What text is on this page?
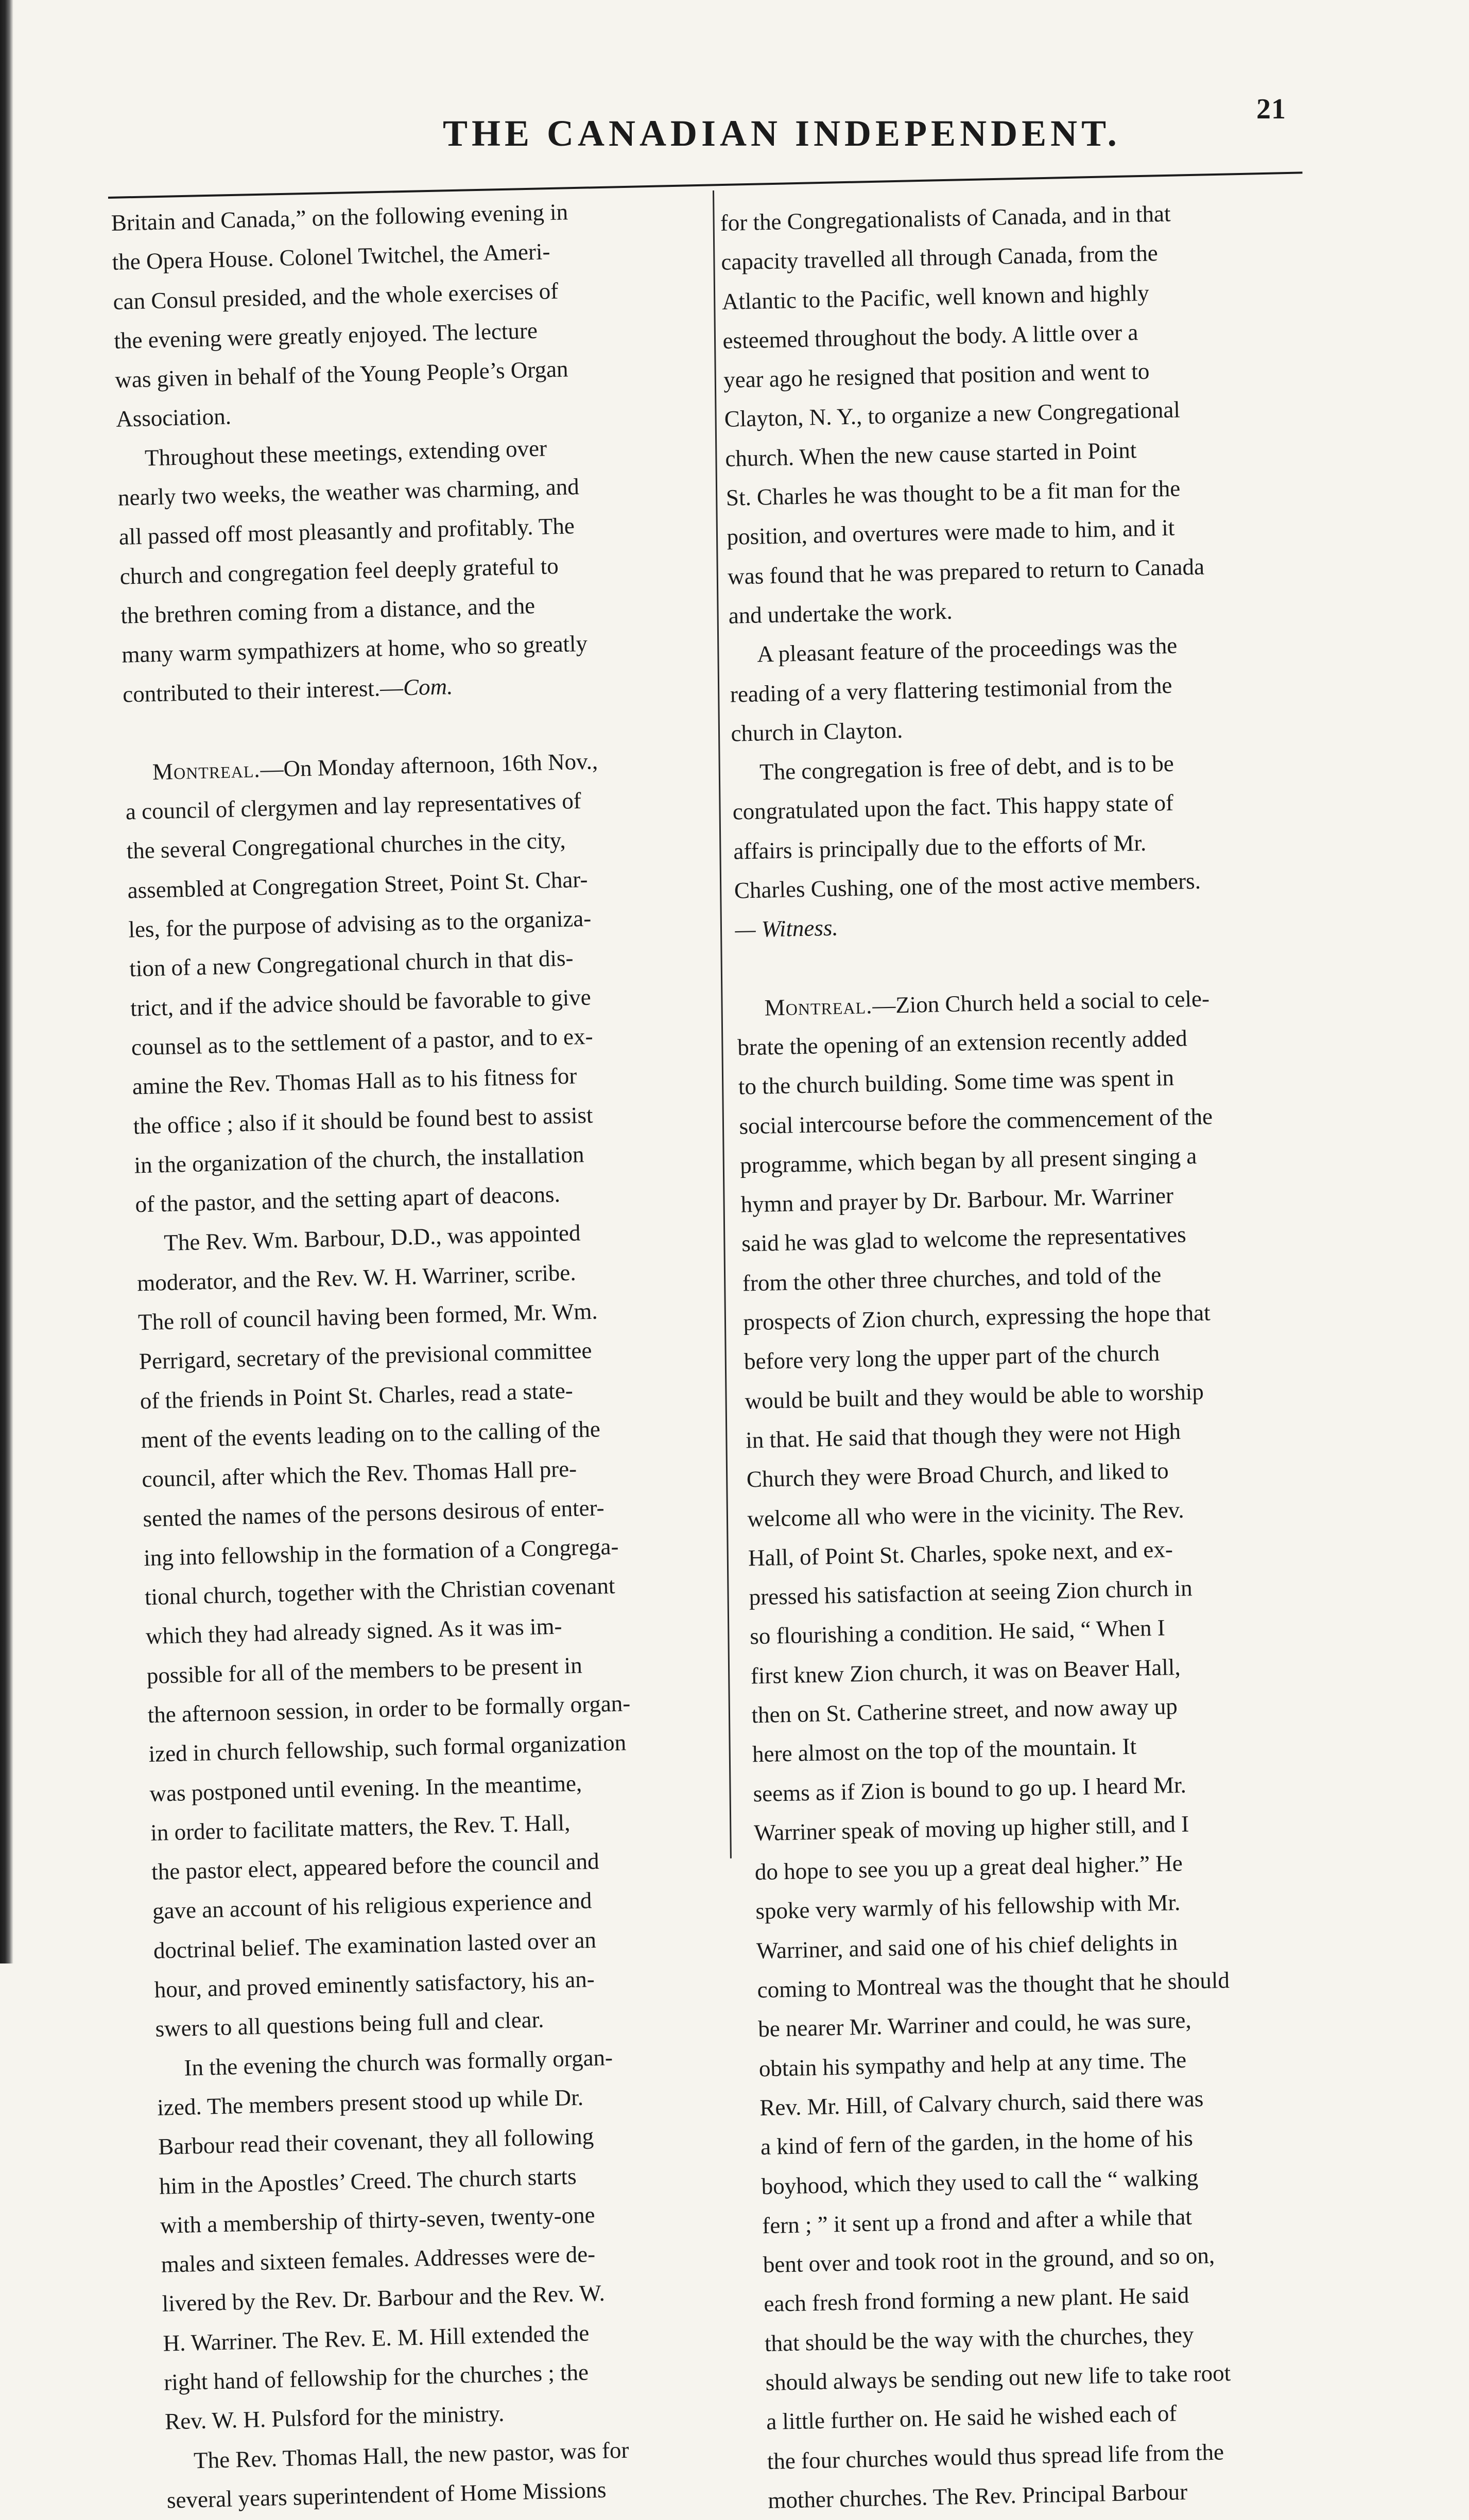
21
THE CANADIAN INDEPENDENT.
Britain and Canada,” on the following evening in
the Opera House. Colonel Twitchel, the Ameri-
can Consul presided, and the whole exercises of
the evening were greatly enjoyed. The lecture
was given in behalf of the Young People’s Organ
Association.
Throughout these meetings, extending over
nearly two weeks, the weather was charming, and
all passed off most pleasantly and profitably. The
church and congregation feel deeply grateful to
the brethren coming from a distance, and the
many warm sympathizers at home, who so greatly
contributed to their interest.—Com.
Montreal.—On Monday afternoon, 16th Nov.,
a council of clergymen and lay representatives of
the several Congregational churches in the city,
assembled at Congregation Street, Point St. Char-
les, for the purpose of advising as to the organiza-
tion of a new Congregational church in that dis-
trict, and if the advice should be favorable to give
counsel as to the settlement of a pastor, and to ex-
amine the Rev. Thomas Hall as to his fitness for
the office ; also if it should be found best to assist
in the organization of the church, the installation
of the pastor, and the setting apart of deacons.
The Rev. Wm. Barbour, D.D., was appointed
moderator, and the Rev. W. H. Warriner, scribe.
The roll of council having been formed, Mr. Wm.
Perrigard, secretary of the previsional committee
of the friends in Point St. Charles, read a state-
ment of the events leading on to the calling of the
council, after which the Rev. Thomas Hall pre-
sented the names of the persons desirous of enter-
ing into fellowship in the formation of a Congrega-
tional church, together with the Christian covenant
which they had already signed. As it was im-
possible for all of the members to be present in
the afternoon session, in order to be formally organ-
ized in church fellowship, such formal organization
was postponed until evening. In the meantime,
in order to facilitate matters, the Rev. T. Hall,
the pastor elect, appeared before the council and
gave an account of his religious experience and
doctrinal belief. The examination lasted over an
hour, and proved eminently satisfactory, his an-
swers to all questions being full and clear.
In the evening the church was formally organ-
ized. The members present stood up while Dr.
Barbour read their covenant, they all following
him in the Apostles’ Creed. The church starts
with a membership of thirty-seven, twenty-one
males and sixteen females. Addresses were de-
livered by the Rev. Dr. Barbour and the Rev. W.
H. Warriner. The Rev. E. M. Hill extended the
right hand of fellowship for the churches ; the
Rev. W. H. Pulsford for the ministry.
The Rev. Thomas Hall, the new pastor, was for
several years superintendent of Home Missions
for the Congregationalists of Canada, and in that
capacity travelled all through Canada, from the
Atlantic to the Pacific, well known and highly
esteemed throughout the body. A little over a
year ago he resigned that position and went to
Clayton, N. Y., to organize a new Congregational
church. When the new cause started in Point
St. Charles he was thought to be a fit man for the
position, and overtures were made to him, and it
was found that he was prepared to return to Canada
and undertake the work.
A pleasant feature of the proceedings was the
reading of a very flattering testimonial from the
church in Clayton.
The congregation is free of debt, and is to be
congratulated upon the fact. This happy state of
affairs is principally due to the efforts of Mr.
Charles Cushing, one of the most active members.
— Witness.
Montreal.—Zion Church held a social to cele-
brate the opening of an extension recently added
to the church building. Some time was spent in
social intercourse before the commencement of the
programme, which began by all present singing a
hymn and prayer by Dr. Barbour. Mr. Warriner
said he was glad to welcome the representatives
from the other three churches, and told of the
prospects of Zion church, expressing the hope that
before very long the upper part of the church
would be built and they would be able to worship
in that. He said that though they were not High
Church they were Broad Church, and liked to
welcome all who were in the vicinity. The Rev.
Hall, of Point St. Charles, spoke next, and ex-
pressed his satisfaction at seeing Zion church in
so flourishing a condition. He said, “ When I
first knew Zion church, it was on Beaver Hall,
then on St. Catherine street, and now away up
here almost on the top of the mountain. It
seems as if Zion is bound to go up. I heard Mr.
Warriner speak of moving up higher still, and I
do hope to see you up a great deal higher.” He
spoke very warmly of his fellowship with Mr.
Warriner, and said one of his chief delights in
coming to Montreal was the thought that he should
be nearer Mr. Warriner and could, he was sure,
obtain his sympathy and help at any time. The
Rev. Mr. Hill, of Calvary church, said there was
a kind of fern of the garden, in the home of his
boyhood, which they used to call the “ walking
fern ; ” it sent up a frond and after a while that
bent over and took root in the ground, and so on,
each fresh frond forming a new plant. He said
that should be the way with the churches, they
should always be sending out new life to take root
a little further on. He said he wished each of
the four churches would thus spread life from the
mother churches. The Rev. Principal Barbour
